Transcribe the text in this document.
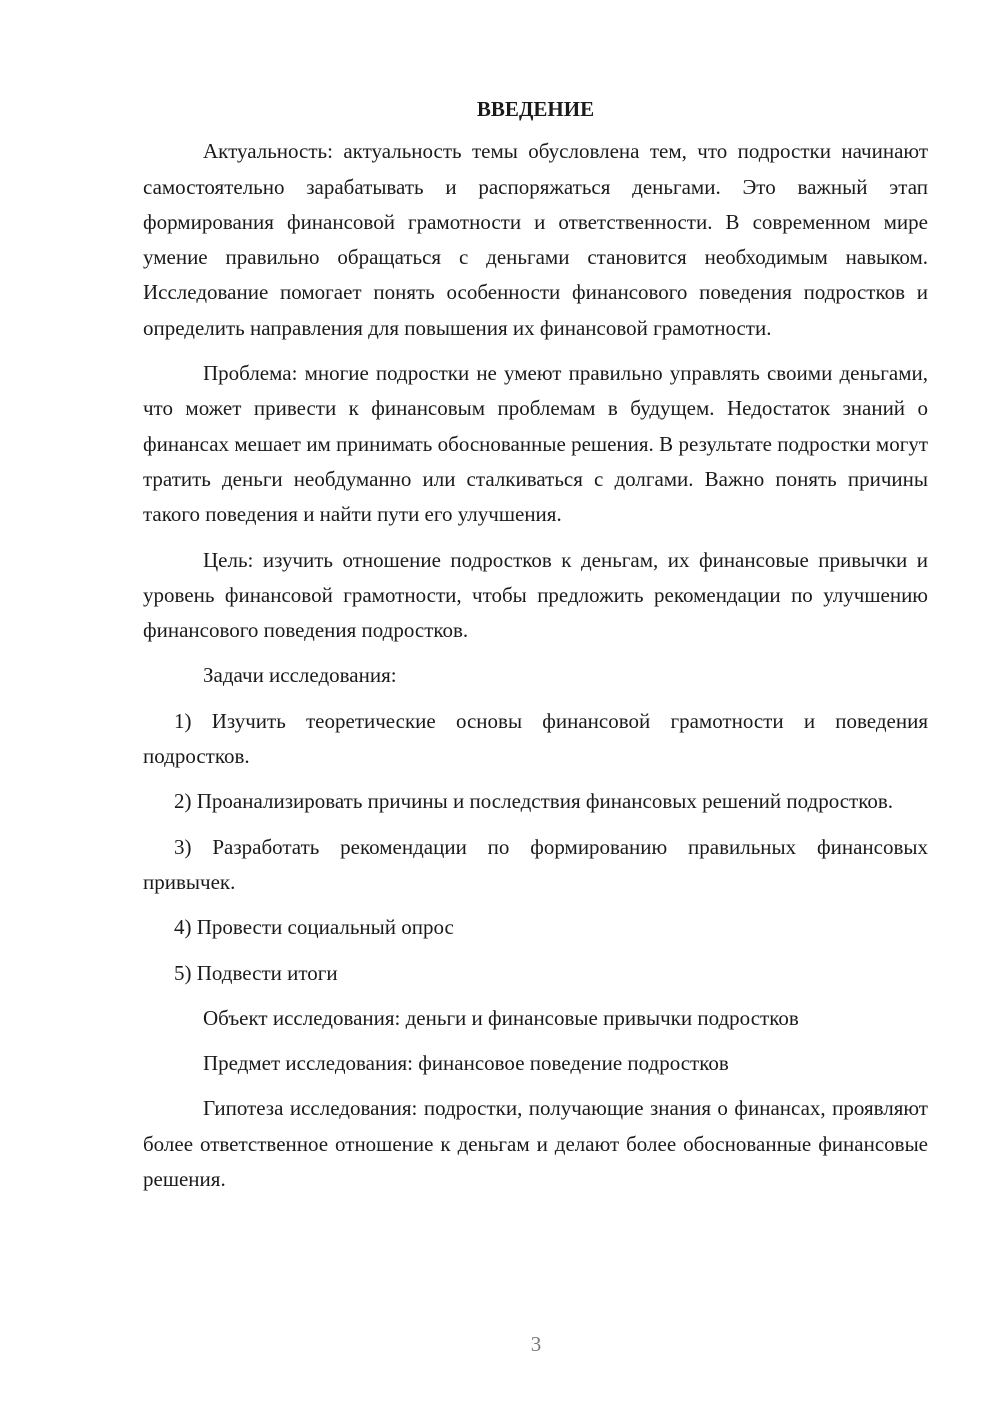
ВВЕДЕНИЕ

Актуальность: актуальность темы обусловлена тем, что подростки начинают самостоятельно зарабатывать и распоряжаться деньгами. Это важный этап формирования финансовой грамотности и ответственности. В современном мире умение правильно обращаться с деньгами становится необходимым навыком. Исследование помогает понять особенности финансового поведения подростков и определить направления для повышения их финансовой грамотности.

Проблема: многие подростки не умеют правильно управлять своими деньгами, что может привести к финансовым проблемам в будущем. Недостаток знаний о финансах мешает им принимать обоснованные решения. В результате подростки могут тратить деньги необдуманно или сталкиваться с долгами. Важно понять причины такого поведения и найти пути его улучшения.

Цель: изучить отношение подростков к деньгам, их финансовые привычки и уровень финансовой грамотности, чтобы предложить рекомендации по улучшению финансового поведения подростков.

Задачи исследования:

1) Изучить теоретические основы финансовой грамотности и поведения подростков.

2) Проанализировать причины и последствия финансовых решений подростков.

3) Разработать рекомендации по формированию правильных финансовых привычек.

4) Провести социальный опрос

5) Подвести итоги

Объект исследования: деньги и финансовые привычки подростков

Предмет исследования: финансовое поведение подростков

Гипотеза исследования: подростки, получающие знания о финансах, проявляют более ответственное отношение к деньгам и делают более обоснованные финансовые решения.

3
